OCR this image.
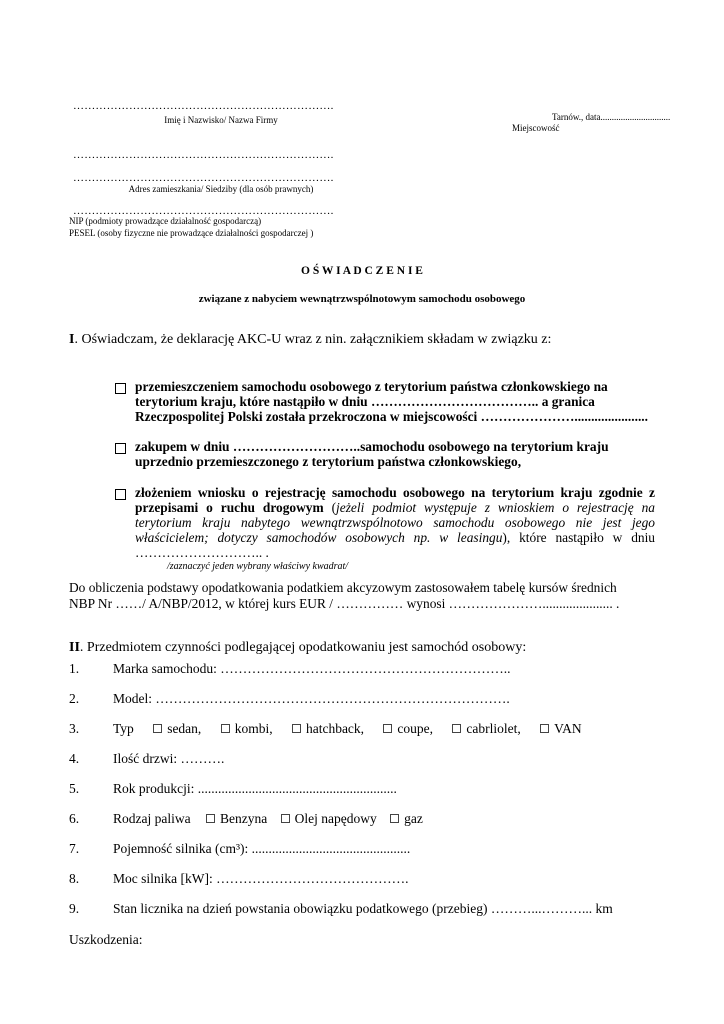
…………………………………………………………….
Imię i Nazwisko/ Nazwa Firmy	Tarnów., data...............................
Miejscowość
…………………………………………………………….
…………………………………………………………….
Adres zamieszkania/ Siedziby (dla osób prawnych)
…………………………………………………………….
NIP (podmioty prowadzące działalność gospodarczą)
PESEL (osoby fizyczne nie prowadzące działalności gospodarczej )
O Ś W I A D C Z E N I E
związane z nabyciem wewnątrzwspólnotowym samochodu osobowego
I. Oświadczam, że deklarację AKC-U wraz z nin. załącznikiem składam w związku z:
przemieszczeniem samochodu osobowego z terytorium państwa członkowskiego na
terytorium kraju, które nastąpiło w dniu ……………………………….. a granica
Rzeczpospolitej Polski została przekroczona w miejscowości …………………......................
zakupem w dniu ………………………..samochodu osobowego na terytorium kraju
uprzednio przemieszczonego z terytorium państwa członkowskiego,
złożeniem wniosku o rejestrację samochodu osobowego na terytorium kraju zgodnie z przepisami o ruchu drogowym (jeżeli podmiot występuje z wnioskiem o rejestrację na terytorium kraju nabytego wewnątrzwspólnotowo samochodu osobowego nie jest jego właścicielem; dotyczy samochodów osobowych np. w leasingu), które nastąpiło w dniu
……………………….. .
/zaznaczyć jeden wybrany właściwy kwadrat/
Do obliczenia podstawy opodatkowania podatkiem akcyzowym zastosowałem tabelę kursów średnich
NBP Nr ……/ A/NBP/2012, w której kurs EUR / …………… wynosi …………………..................... .
II. Przedmiotem czynności podlegającej opodatkowaniu jest samochód osobowy:
1.	Marka samochodu: ………………………………………………………..
2.	Model: …………………………………………………………………….
3.	Typ sedan, kombi, hatchback, coupe, cabrliolet, VAN
4.	Ilość drzwi: ……….
5.	Rok produkcji: ...........................................................
6.	Rodzaj paliwa Benzyna Olej napędowy gaz
7.	Pojemność silnika (cm³): ...............................................
8.	Moc silnika [kW]: …………………………………….
9.	Stan licznika na dzień powstania obowiązku podatkowego (przebieg) ………...………... km
Uszkodzenia:
